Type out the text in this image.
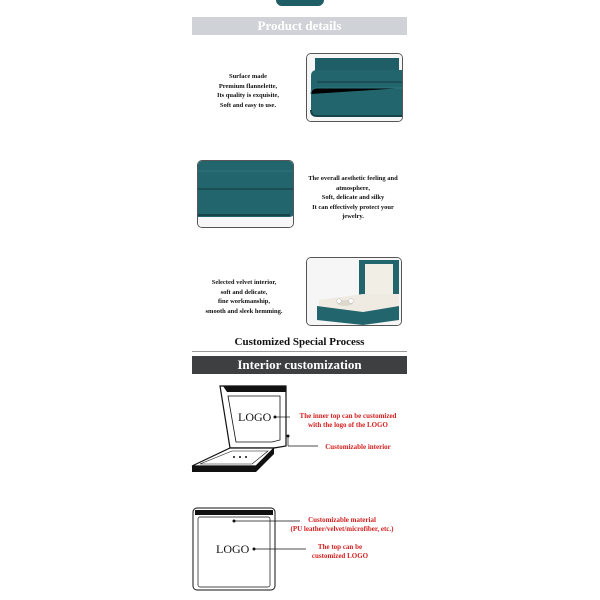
Product details
Surface made
Premium flannelette,
Its quality is exquisite,
Soft and easy to use.
The overall aesthetic feeling and
atmosphere,
Soft, delicate and silky
It can effectively protect your
jewelry.
Selected velvet interior,
soft and delicate,
fine workmanship,
smooth and sleek hemming.
Customized Special Process
Interior customization
LOGO	The inner top can be customized
with the logo of the LOGO
Customizable interior
LOGO
Customizable material
(PU leather/velvet/microfiber, etc.)
The top can be
customized LOGO
